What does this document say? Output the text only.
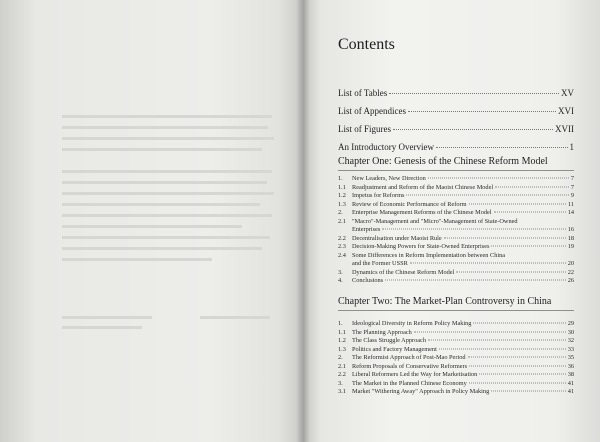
Contents
List of Tables	XV
List of Appendices	XVI
List of Figures	XVII
An Introductory Overview	1
Chapter One: Genesis of the Chinese Reform Model
1.	New Leaders, New Direction	7
1.1 Readjustment and Reform of the Maoist Chinese Model	7
1.2 Impetus for Reforms	9
1.3 Review of Economic Performance of Reform	11
2.	Enterprise Management Reforms of the Chinese Model	14
2.1 "Macro"-Management and "Micro"-Management of State-Owned
Enterprises	16
2.2 Decentralisation under Maoist Rule	18
2.3 Decision-Making Powers for State-Owned Enterprises	19
2.4 Some Differences in Reform Implementation between China
and the Former USSR	20
3.	Dynamics of the Chinese Reform Model	22
4.	Conclusions	26
Chapter Two: The Market-Plan Controversy in China
1.	Ideological Diversity in Reform Policy Making	29
1.1 The Planning Approach	30
1.2 The Class Struggle Approach	32
1.3 Politics and Factory Management	33
2.	The Reformist Approach of Post-Mao Period	35
2.1 Reform Proposals of Conservative Reformers	36
2.2 Liberal Reformers Led the Way for Marketisation	38
3.	The Market in the Planned Chinese Economy	41
3.1 Market "Withering Away" Approach in Policy Making	41
